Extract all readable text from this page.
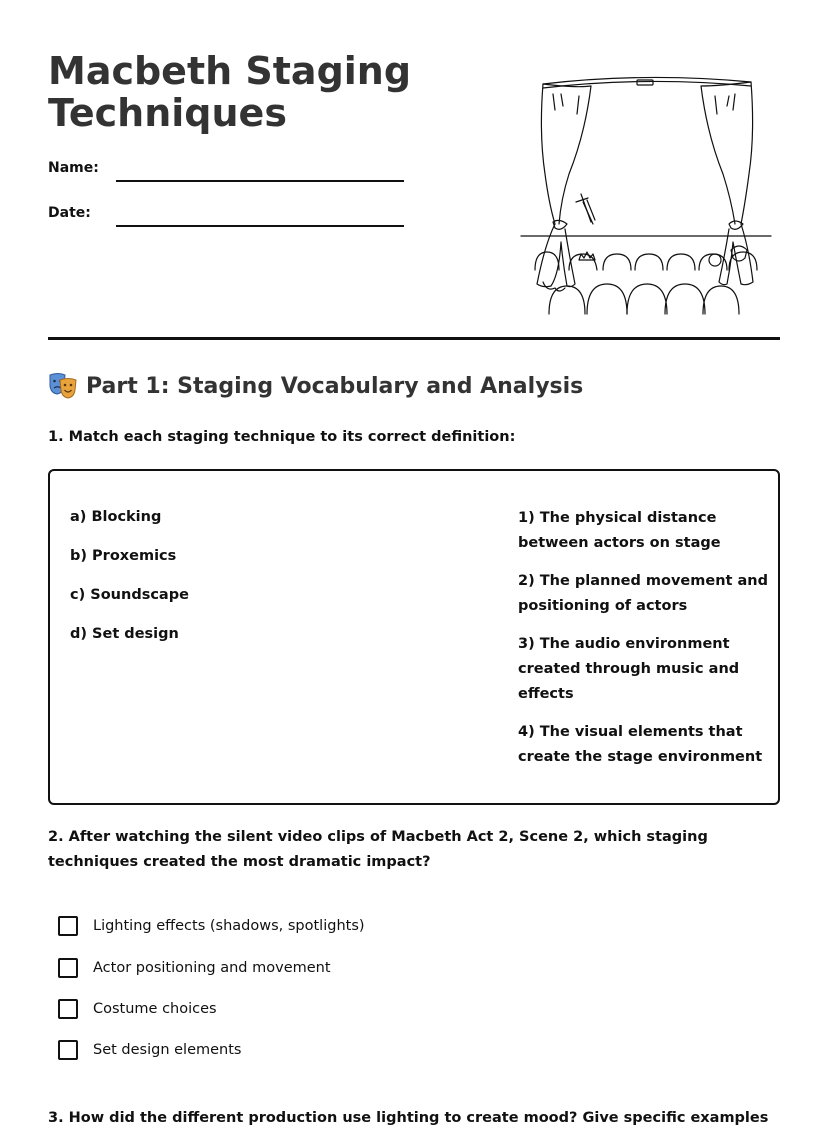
Macbeth Staging
Techniques
Name:
Date:
Part 1: Staging Vocabulary and Analysis
1. Match each staging technique to its correct definition:
a) Blocking
b) Proxemics
c) Soundscape
d) Set design
1) The physical distance between actors on stage
2) The planned movement and positioning of actors
3) The audio environment created through music and effects
4) The visual elements that create the stage environment
2. After watching the silent video clips of Macbeth Act 2, Scene 2, which staging techniques created the most dramatic impact?
Lighting effects (shadows, spotlights)
Actor positioning and movement
Costume choices
Set design elements
3. How did the different production use lighting to create mood? Give specific examples
